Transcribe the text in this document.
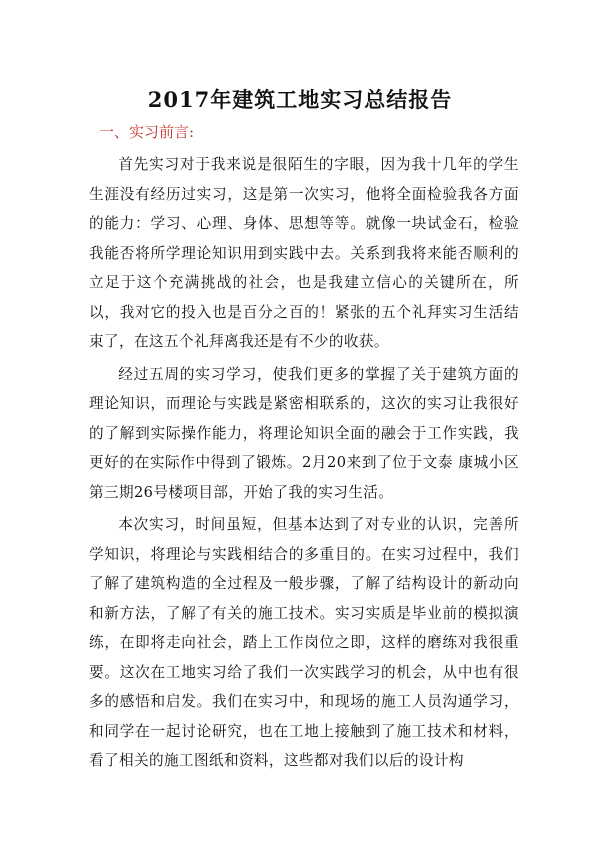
2017年建筑工地实习总结报告
一、实习前言:

首先实习对于我来说是很陌生的字眼，因为我十几年的学生生涯没有经历过实习，这是第一次实习，他将全面检验我各方面的能力：学习、心理、身体、思想等等。就像一块试金石，检验我能否将所学理论知识用到实践中去。关系到我将来能否顺利的立足于这个充满挑战的社会，也是我建立信心的关键所在，所以，我对它的投入也是百分之百的！紧张的五个礼拜实习生活结束了，在这五个礼拜离我还是有不少的收获。

经过五周的实习学习，使我们更多的掌握了关于建筑方面的理论知识，而理论与实践是紧密相联系的，这次的实习让我很好的了解到实际操作能力，将理论知识全面的融会于工作实践，我更好的在实际作中得到了锻炼。2月20来到了位于文泰 康城小区第三期26号楼项目部，开始了我的实习生活。

本次实习，时间虽短，但基本达到了对专业的认识，完善所学知识，将理论与实践相结合的多重目的。在实习过程中，我们了解了建筑构造的全过程及一般步骤，了解了结构设计的新动向和新方法，了解了有关的施工技术。实习实质是毕业前的模拟演练，在即将走向社会，踏上工作岗位之即，这样的磨练对我很重要。这次在工地实习给了我们一次实践学习的机会，从中也有很多的感悟和启发。我们在实习中，和现场的施工人员沟通学习，和同学在一起讨论研究，也在工地上接触到了施工技术和材料，看了相关的施工图纸和资料，这些都对我们以后的设计构
